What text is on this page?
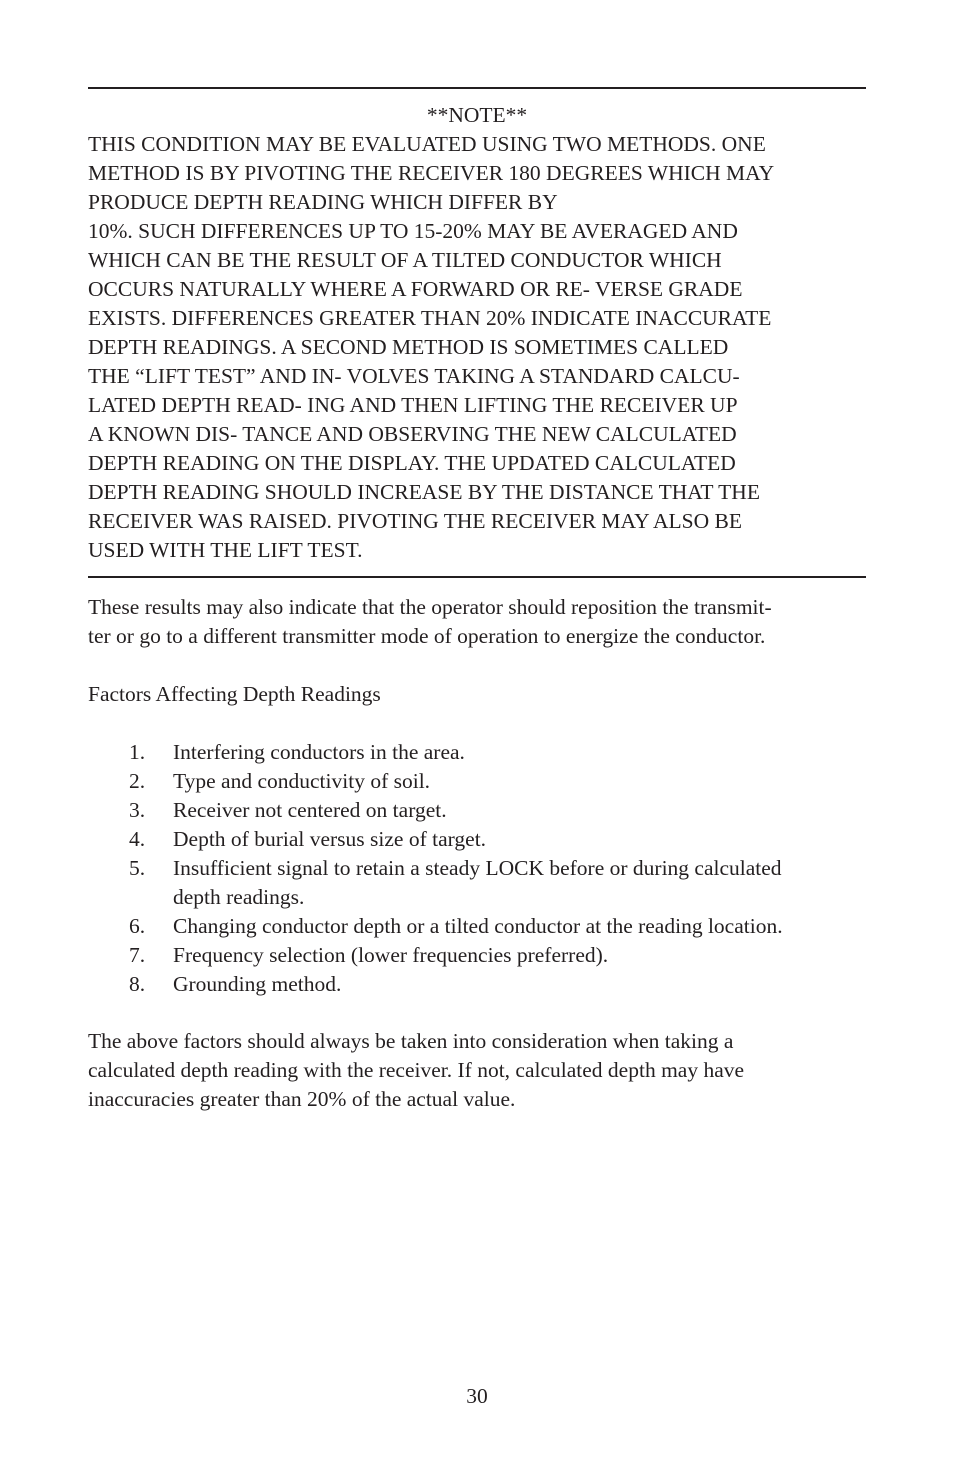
**NOTE**
THIS CONDITION MAY BE EVALUATED USING TWO METHODS. ONE
METHOD IS BY PIVOTING THE RECEIVER 180 DEGREES WHICH MAY
PRODUCE DEPTH READING WHICH DIFFER BY
10%. SUCH DIFFERENCES UP TO 15-20% MAY BE AVERAGED AND
WHICH CAN BE THE RESULT OF A TILTED CONDUCTOR WHICH
OCCURS NATURALLY WHERE A FORWARD OR RE- VERSE GRADE
EXISTS. DIFFERENCES GREATER THAN 20% INDICATE INACCURATE
DEPTH READINGS. A SECOND METHOD IS SOMETIMES CALLED
THE “LIFT TEST” AND IN- VOLVES TAKING A STANDARD CALCU-
LATED DEPTH READ- ING AND THEN LIFTING THE RECEIVER UP
A KNOWN DIS- TANCE AND OBSERVING THE NEW CALCULATED
DEPTH READING ON THE DISPLAY. THE UPDATED CALCULATED
DEPTH READING SHOULD INCREASE BY THE DISTANCE THAT THE
RECEIVER WAS RAISED. PIVOTING THE RECEIVER MAY ALSO BE
USED WITH THE LIFT TEST.
These results may also indicate that the operator should reposition the transmit-
ter or go to a different transmitter mode of operation to energize the conductor.
Factors Affecting Depth Readings
1. Interfering conductors in the area.
2. Type and conductivity of soil.
3. Receiver not centered on target.
4. Depth of burial versus size of target.
5. Insufficient signal to retain a steady LOCK before or during calculated
depth readings.
6. Changing conductor depth or a tilted conductor at the reading location.
7. Frequency selection (lower frequencies preferred).
8. Grounding method.
The above factors should always be taken into consideration when taking a
calculated depth reading with the receiver. If not, calculated depth may have
inaccuracies greater than 20% of the actual value.
30
